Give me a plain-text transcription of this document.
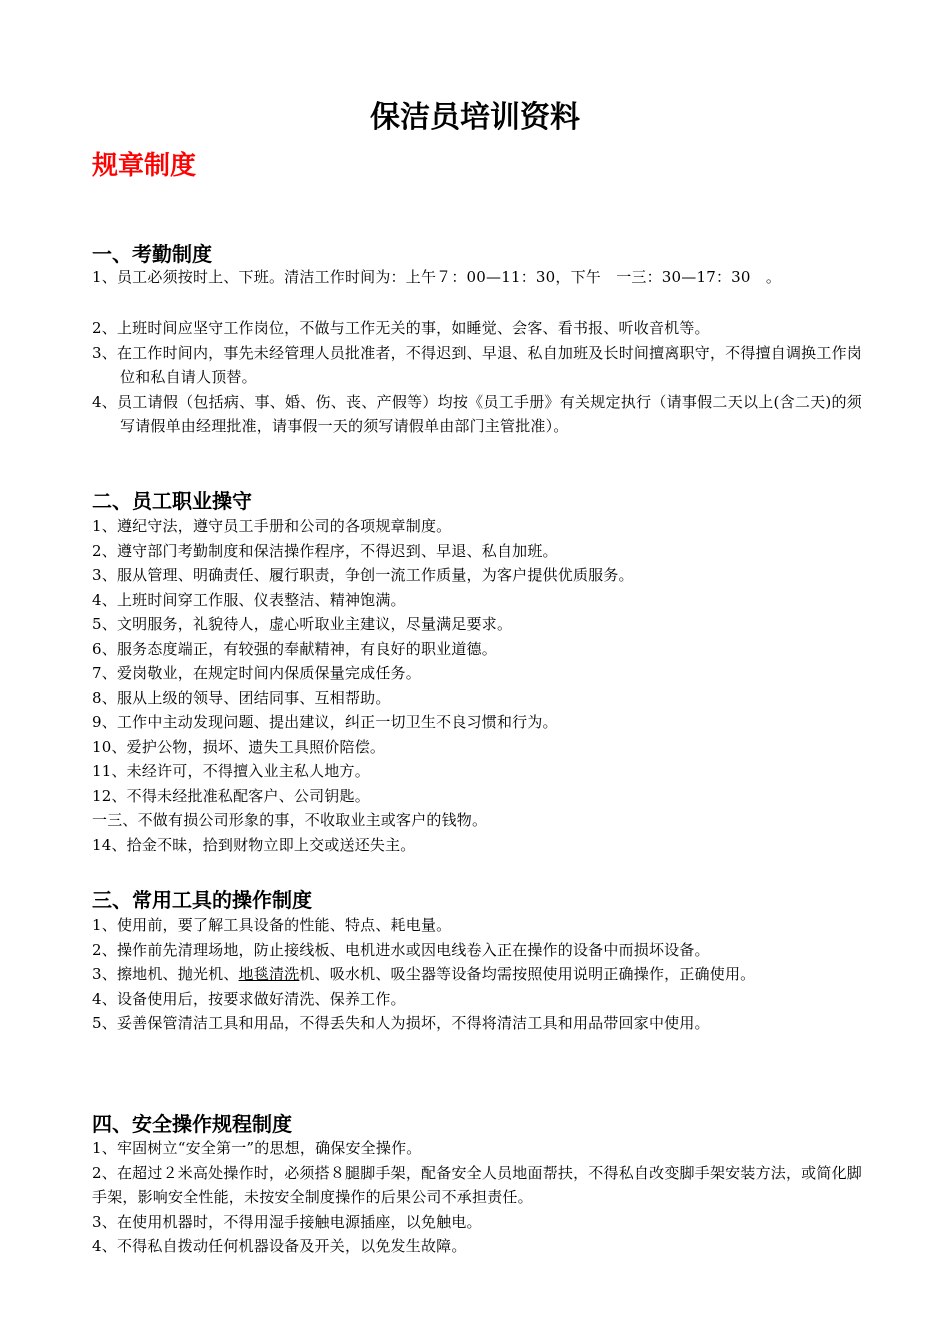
保洁员培训资料
规章制度
一、考勤制度
1、员工必须按时上、下班。清洁工作时间为：上午７：00—11：30，下午　一三：30—17：30　。
2、上班时间应坚守工作岗位，不做与工作无关的事，如睡觉、会客、看书报、听收音机等。
3、在工作时间内，事先未经管理人员批准者，不得迟到、早退、私自加班及长时间擅离职守，不得擅自调换工作岗位和私自请人顶替。
4、员工请假（包括病、事、婚、伤、丧、产假等）均按《员工手册》有关规定执行（请事假二天以上(含二天)的须写请假单由经理批准，请事假一天的须写请假单由部门主管批准）。
二、员工职业操守
1、遵纪守法，遵守员工手册和公司的各项规章制度。
2、遵守部门考勤制度和保洁操作程序，不得迟到、早退、私自加班。
3、服从管理、明确责任、履行职责，争创一流工作质量，为客户提供优质服务。
4、上班时间穿工作服、仪表整洁、精神饱满。
5、文明服务，礼貌待人，虚心听取业主建议，尽量满足要求。
6、服务态度端正，有较强的奉献精神，有良好的职业道德。
7、爱岗敬业，在规定时间内保质保量完成任务。
8、服从上级的领导、团结同事、互相帮助。
9、工作中主动发现问题、提出建议，纠正一切卫生不良习惯和行为。
10、爱护公物，损坏、遗失工具照价陪偿。
11、未经许可，不得擅入业主私人地方。
12、不得未经批准私配客户、公司钥匙。
一三、不做有损公司形象的事，不收取业主或客户的钱物。
14、拾金不昧，拾到财物立即上交或送还失主。
三、常用工具的操作制度
1、使用前，要了解工具设备的性能、特点、耗电量。
2、操作前先清理场地，防止接线板、电机进水或因电线卷入正在操作的设备中而损坏设备。
3、擦地机、抛光机、地毯清洗机、吸水机、吸尘器等设备均需按照使用说明正确操作，正确使用。
4、设备使用后，按要求做好清洗、保养工作。
5、妥善保管清洁工具和用品，不得丢失和人为损坏，不得将清洁工具和用品带回家中使用。
四、安全操作规程制度
1、牢固树立“安全第一”的思想，确保安全操作。
2、在超过２米高处操作时，必须搭８腿脚手架，配备安全人员地面帮扶，不得私自改变脚手架安装方法，或简化脚手架，影响安全性能，未按安全制度操作的后果公司不承担责任。
3、在使用机器时，不得用湿手接触电源插座，以免触电。
4、不得私自拨动任何机器设备及开关，以免发生故障。
